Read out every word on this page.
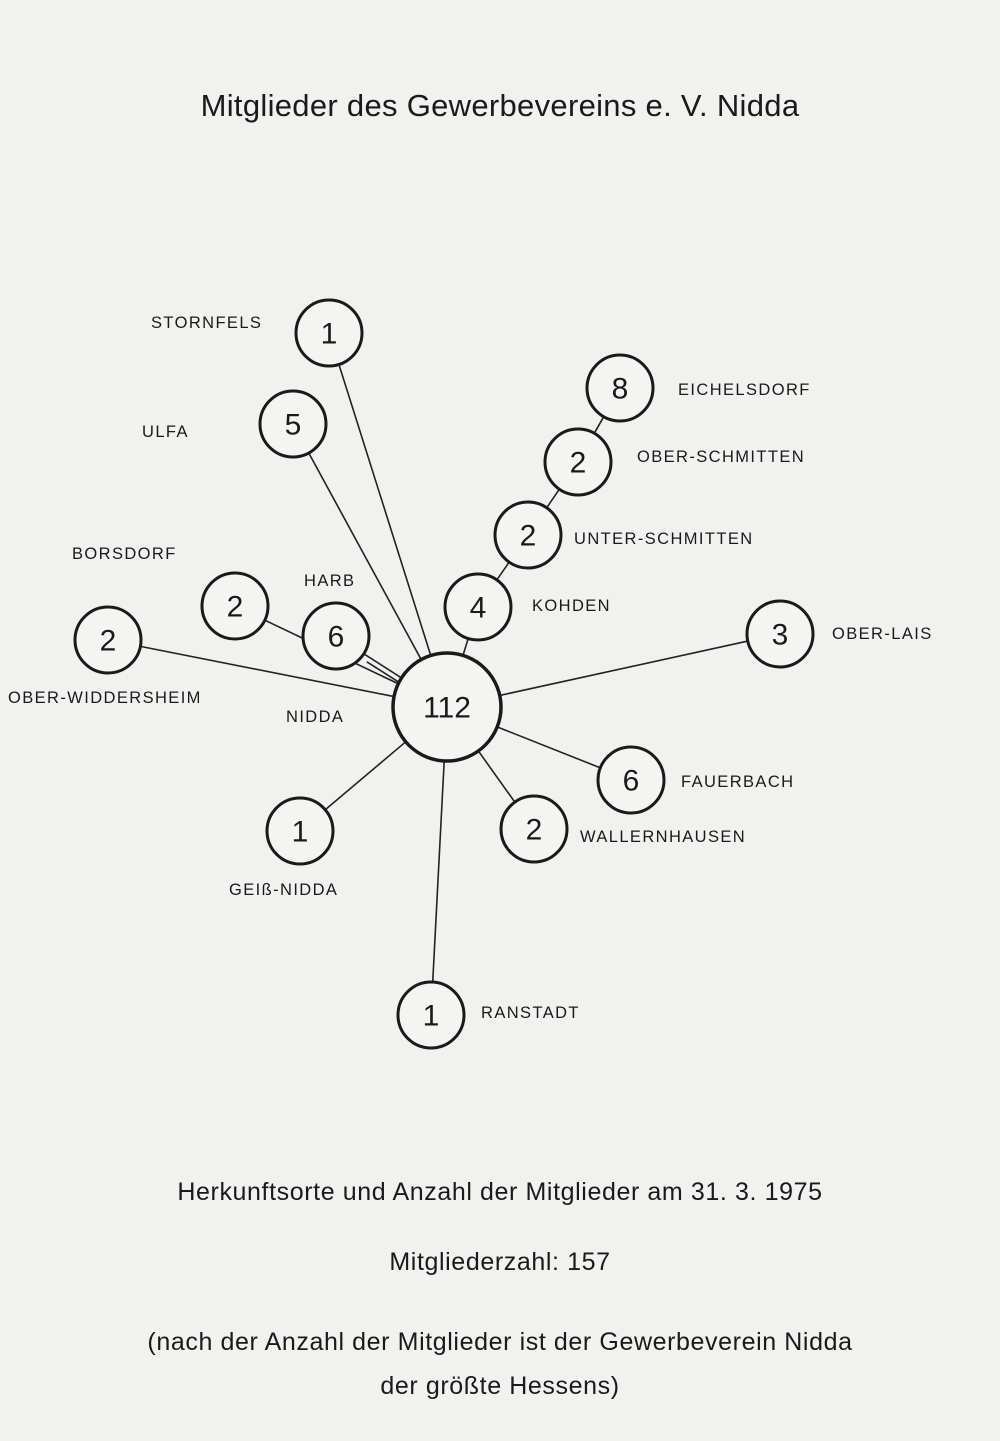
Mitglieder des Gewerbevereins e. V. Nidda
112
1
5
2
6
2
4
2
2
8
3
6
2
1
1
NIDDA
STORNFELS
ULFA
BORSDORF
HARB
OBER-WIDDERSHEIM
KOHDEN
UNTER-SCHMITTEN
OBER-SCHMITTEN
EICHELSDORF
OBER-LAIS
FAUERBACH
WALLERNHAUSEN
GEIß-NIDDA
RANSTADT
Herkunftsorte und Anzahl der Mitglieder am 31. 3. 1975
Mitgliederzahl: 157
(nach der Anzahl der Mitglieder ist der Gewerbeverein Nidda
der größte Hessens)
